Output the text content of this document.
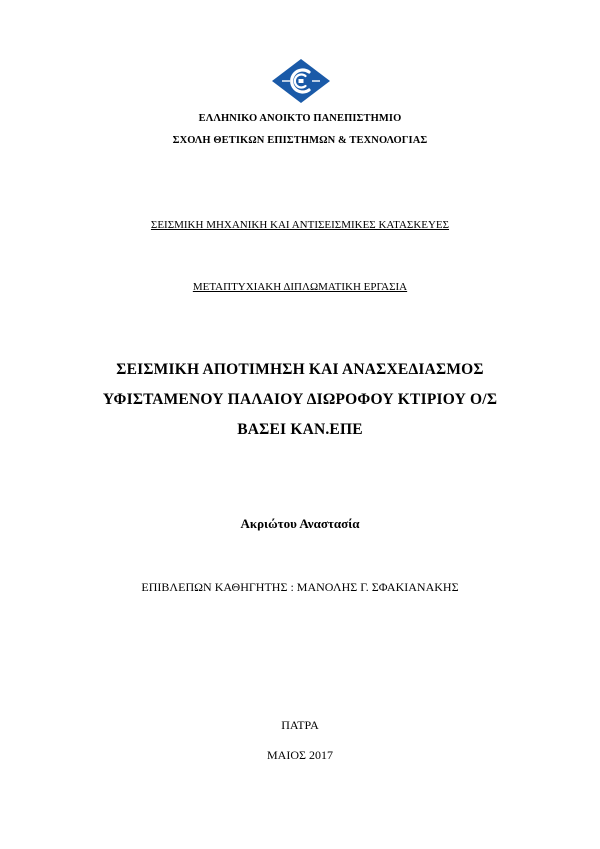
ΕΛΛΗΝΙΚΟ ΑΝΟΙΚΤΟ ΠΑΝΕΠΙΣΤΗΜΙΟ
ΣΧΟΛΗ ΘΕΤΙΚΩΝ ΕΠΙΣΤΗΜΩΝ & ΤΕΧΝΟΛΟΓΙΑΣ
ΣΕΙΣΜΙΚΗ ΜΗΧΑΝΙΚΗ ΚΑΙ ΑΝΤΙΣΕΙΣΜΙΚΕΣ ΚΑΤΑΣΚΕΥΕΣ
ΜΕΤΑΠΤΥΧΙΑΚΗ ΔΙΠΛΩΜΑΤΙΚΗ ΕΡΓΑΣΙΑ
ΣΕΙΣΜΙΚΗ ΑΠΟΤΙΜΗΣΗ ΚΑΙ ΑΝΑΣΧΕΔΙΑΣΜΟΣ
ΥΦΙΣΤΑΜΕΝΟΥ ΠΑΛΑΙΟΥ ΔΙΩΡΟΦΟΥ ΚΤΙΡΙΟΥ Ο/Σ
ΒΑΣΕΙ ΚΑΝ.ΕΠΕ
Ακριώτου Αναστασία
ΕΠΙΒΛΕΠΩΝ ΚΑΘΗΓΗΤΗΣ : ΜΑΝΟΛΗΣ Γ. ΣΦΑΚΙΑΝΑΚΗΣ
ΠΑΤΡΑ
ΜΑΙΟΣ 2017
